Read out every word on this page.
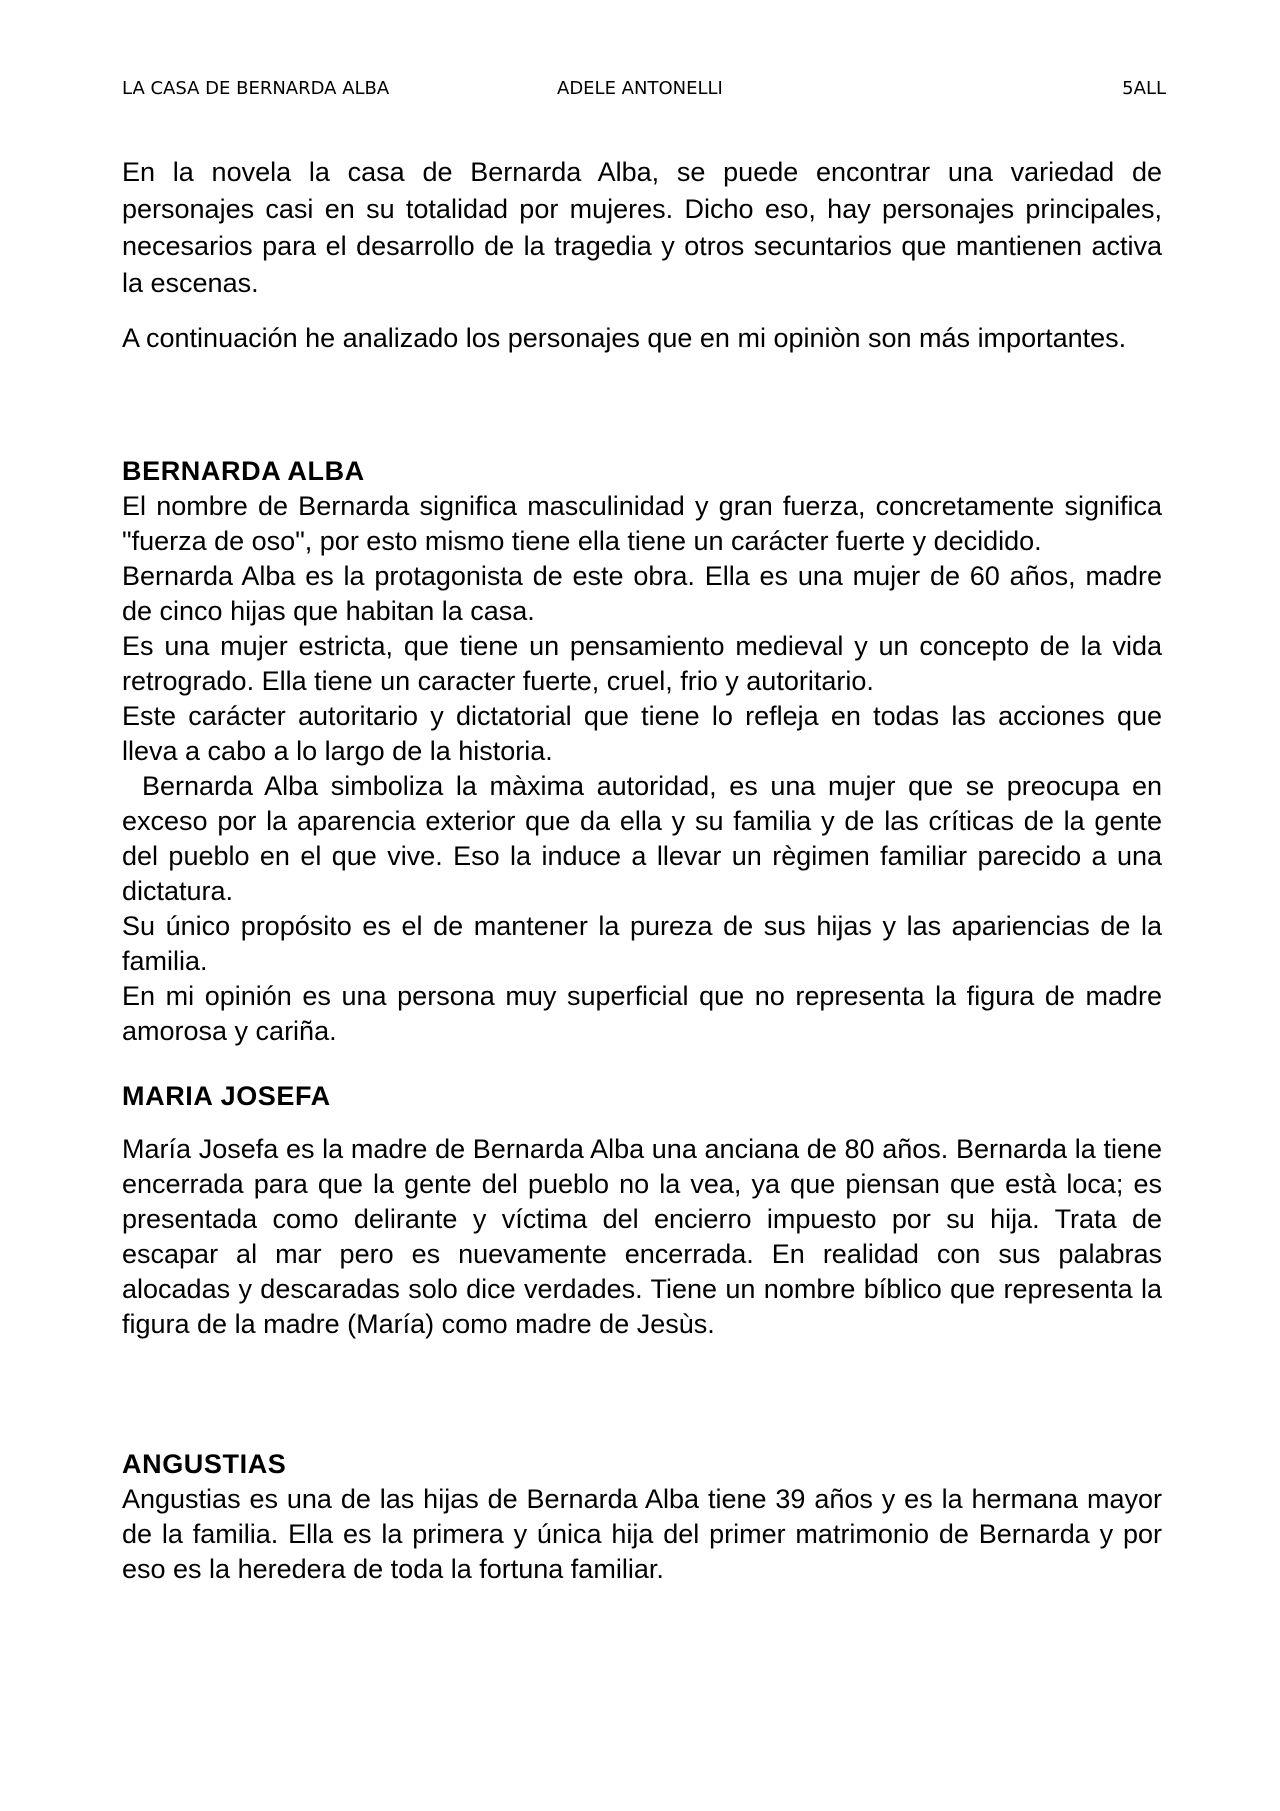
LA CASA DE BERNARDA ALBA	ADELE ANTONELLI	5ALL

En la novela la casa de Bernarda Alba, se puede encontrar una variedad de personajes casi en su totalidad por mujeres. Dicho eso, hay personajes principales, necesarios para el desarrollo de la tragedia y otros secuntarios que mantienen activa la escenas.

A continuación he analizado los personajes que en mi opiniòn son más importantes.

BERNARDA ALBA

El nombre de Bernarda significa masculinidad y gran fuerza, concretamente significa "fuerza de oso", por esto mismo tiene ella tiene un carácter fuerte y decidido.

Bernarda Alba es la protagonista de este obra. Ella es una mujer de 60 años, madre de cinco hijas que habitan la casa.

Es una mujer estricta, que tiene un pensamiento medieval y un concepto de la vida retrogrado. Ella tiene un caracter fuerte, cruel, frio y autoritario.

Este carácter autoritario y dictatorial que tiene lo refleja en todas las acciones que lleva a cabo a lo largo de la historia.

Bernarda Alba simboliza la màxima autoridad, es una mujer que se preocupa en exceso por la aparencia exterior que da ella y su familia y de las críticas de la gente del pueblo en el que vive. Eso la induce a llevar un règimen familiar parecido a una dictatura.

Su único propósito es el de mantener la pureza de sus hijas y las apariencias de la familia.

En mi opinión es una persona muy superficial que no representa la figura de madre amorosa y cariña.

MARIA JOSEFA

María Josefa es la madre de Bernarda Alba una anciana de 80 años. Bernarda la tiene encerrada para que la gente del pueblo no la vea, ya que piensan que està loca; es presentada como delirante y víctima del encierro impuesto por su hija. Trata de escapar al mar pero es nuevamente encerrada. En realidad con sus palabras alocadas y descaradas solo dice verdades. Tiene un nombre bíblico que representa la figura de la madre (María) como madre de Jesùs.

ANGUSTIAS

Angustias es una de las hijas de Bernarda Alba tiene 39 años y es la hermana mayor de la familia. Ella es la primera y única hija del primer matrimonio de Bernarda y por eso es la heredera de toda la fortuna familiar.
